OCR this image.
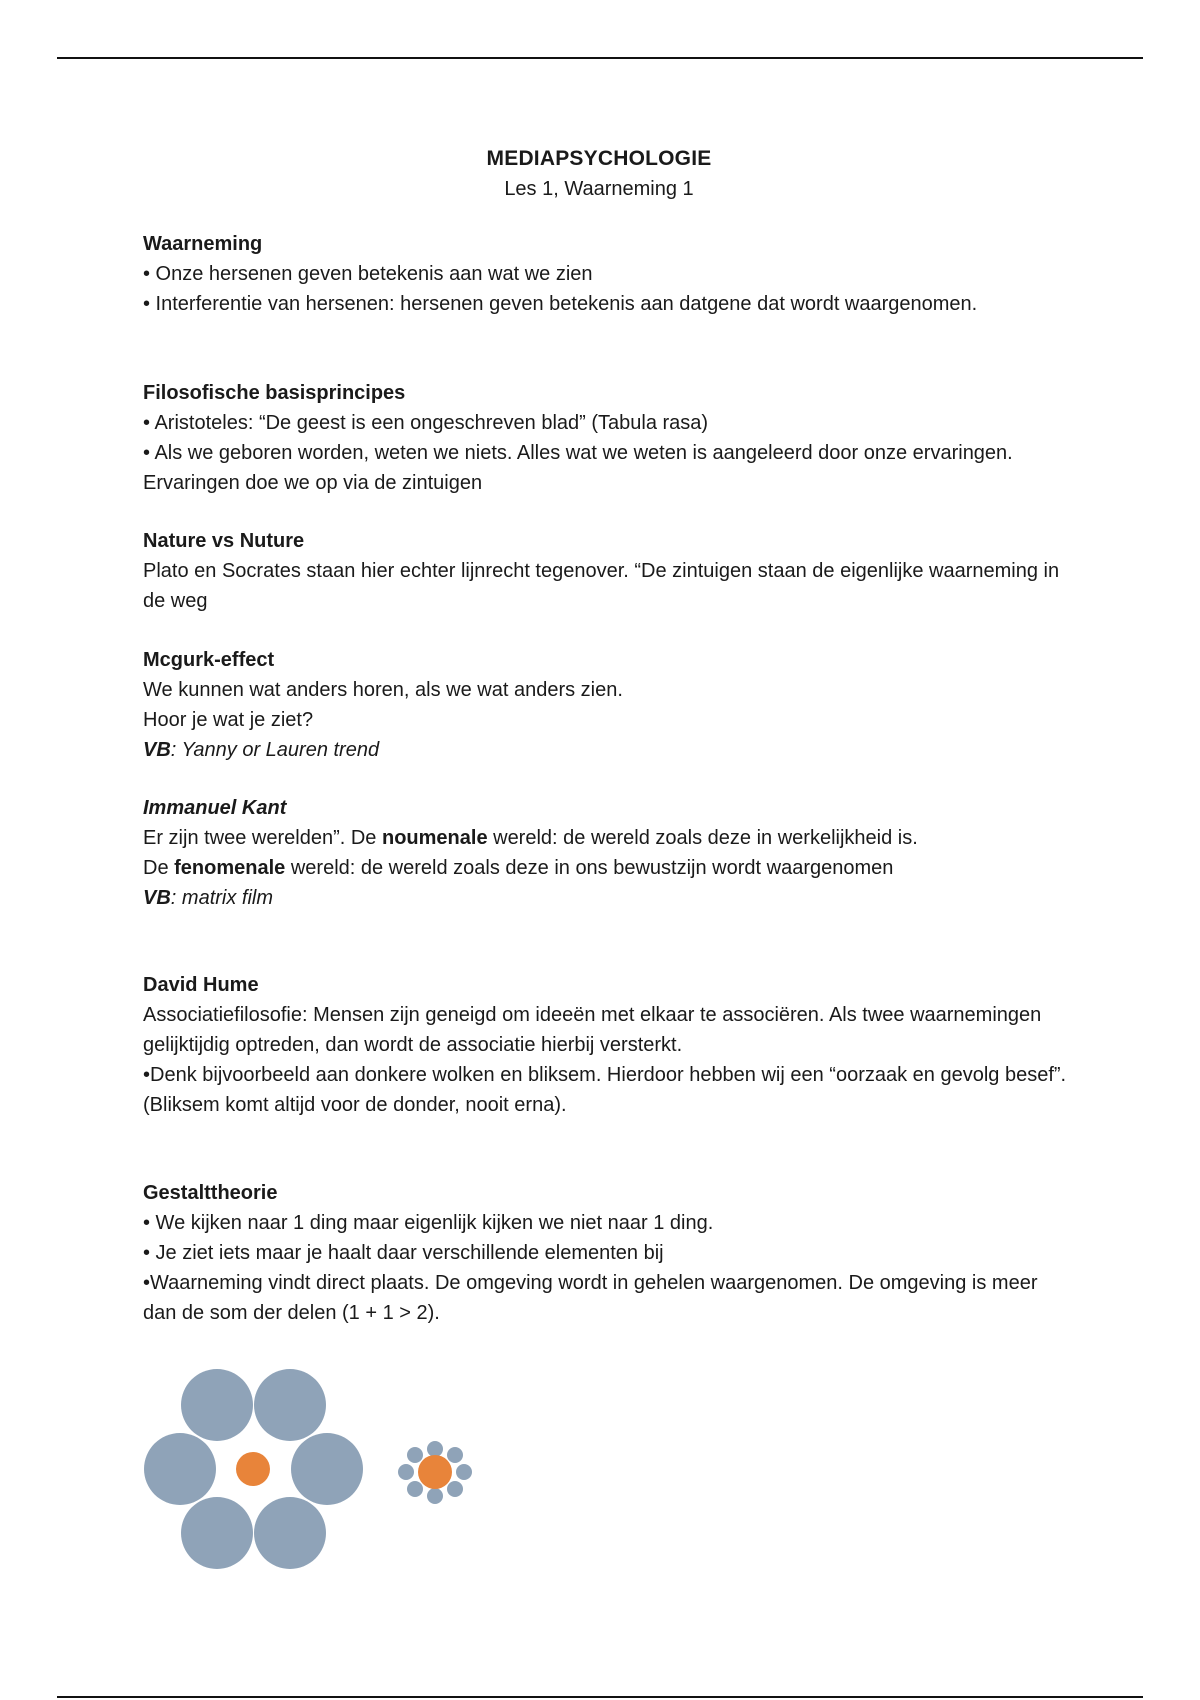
MEDIAPSYCHOLOGIE
Les 1, Waarneming 1

Waarneming

• Onze hersenen geven betekenis aan wat we zien

• Interferentie van hersenen: hersenen geven betekenis aan datgene dat wordt waargenomen.

Filosofische basisprincipes

• Aristoteles: “De geest is een ongeschreven blad” (Tabula rasa)

• Als we geboren worden, weten we niets. Alles wat we weten is aangeleerd door onze ervaringen. Ervaringen doe we op via de zintuigen

Nature vs Nuture

Plato en Socrates staan hier echter lijnrecht tegenover. “De zintuigen staan de eigenlijke waarneming in de weg

Mcgurk-effect

We kunnen wat anders horen, als we wat anders zien.

Hoor je wat je ziet?

VB: Yanny or Lauren trend

Immanuel Kant

Er zijn twee werelden”. De noumenale wereld: de wereld zoals deze in werkelijkheid is.

De fenomenale wereld: de wereld zoals deze in ons bewustzijn wordt waargenomen

VB: matrix film

David Hume

Associatiefilosofie: Mensen zijn geneigd om ideeën met elkaar te associëren. Als twee waarnemingen gelijktijdig optreden, dan wordt de associatie hierbij versterkt.

•Denk bijvoorbeeld aan donkere wolken en bliksem. Hierdoor hebben wij een “oorzaak en gevolg besef”. (Bliksem komt altijd voor de donder, nooit erna).

Gestalttheorie

• We kijken naar 1 ding maar eigenlijk kijken we niet naar 1 ding.

• Je ziet iets maar je haalt daar verschillende elementen bij

•Waarneming vindt direct plaats. De omgeving wordt in gehelen waargenomen. De omgeving is meer dan de som der delen (1 + 1 > 2).
